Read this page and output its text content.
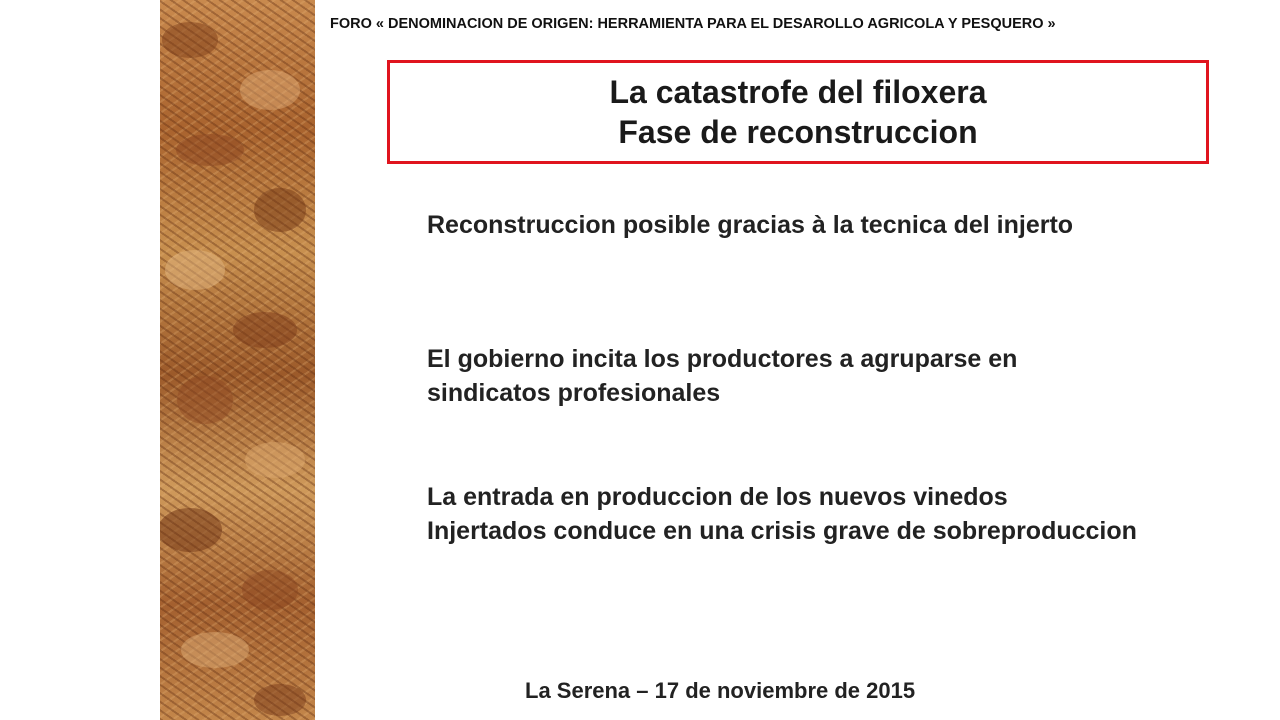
FORO « DENOMINACION DE ORIGEN: HERRAMIENTA PARA EL DESAROLLO AGRICOLA Y PESQUERO »
La catastrofe del filoxera
Fase de reconstruccion
Reconstruccion posible gracias à la tecnica del injerto
El gobierno incita los productores a agruparse en
sindicatos profesionales
La entrada en produccion de los nuevos vinedos
Injertados conduce en una crisis grave de sobreproduccion
La Serena – 17 de noviembre de 2015
